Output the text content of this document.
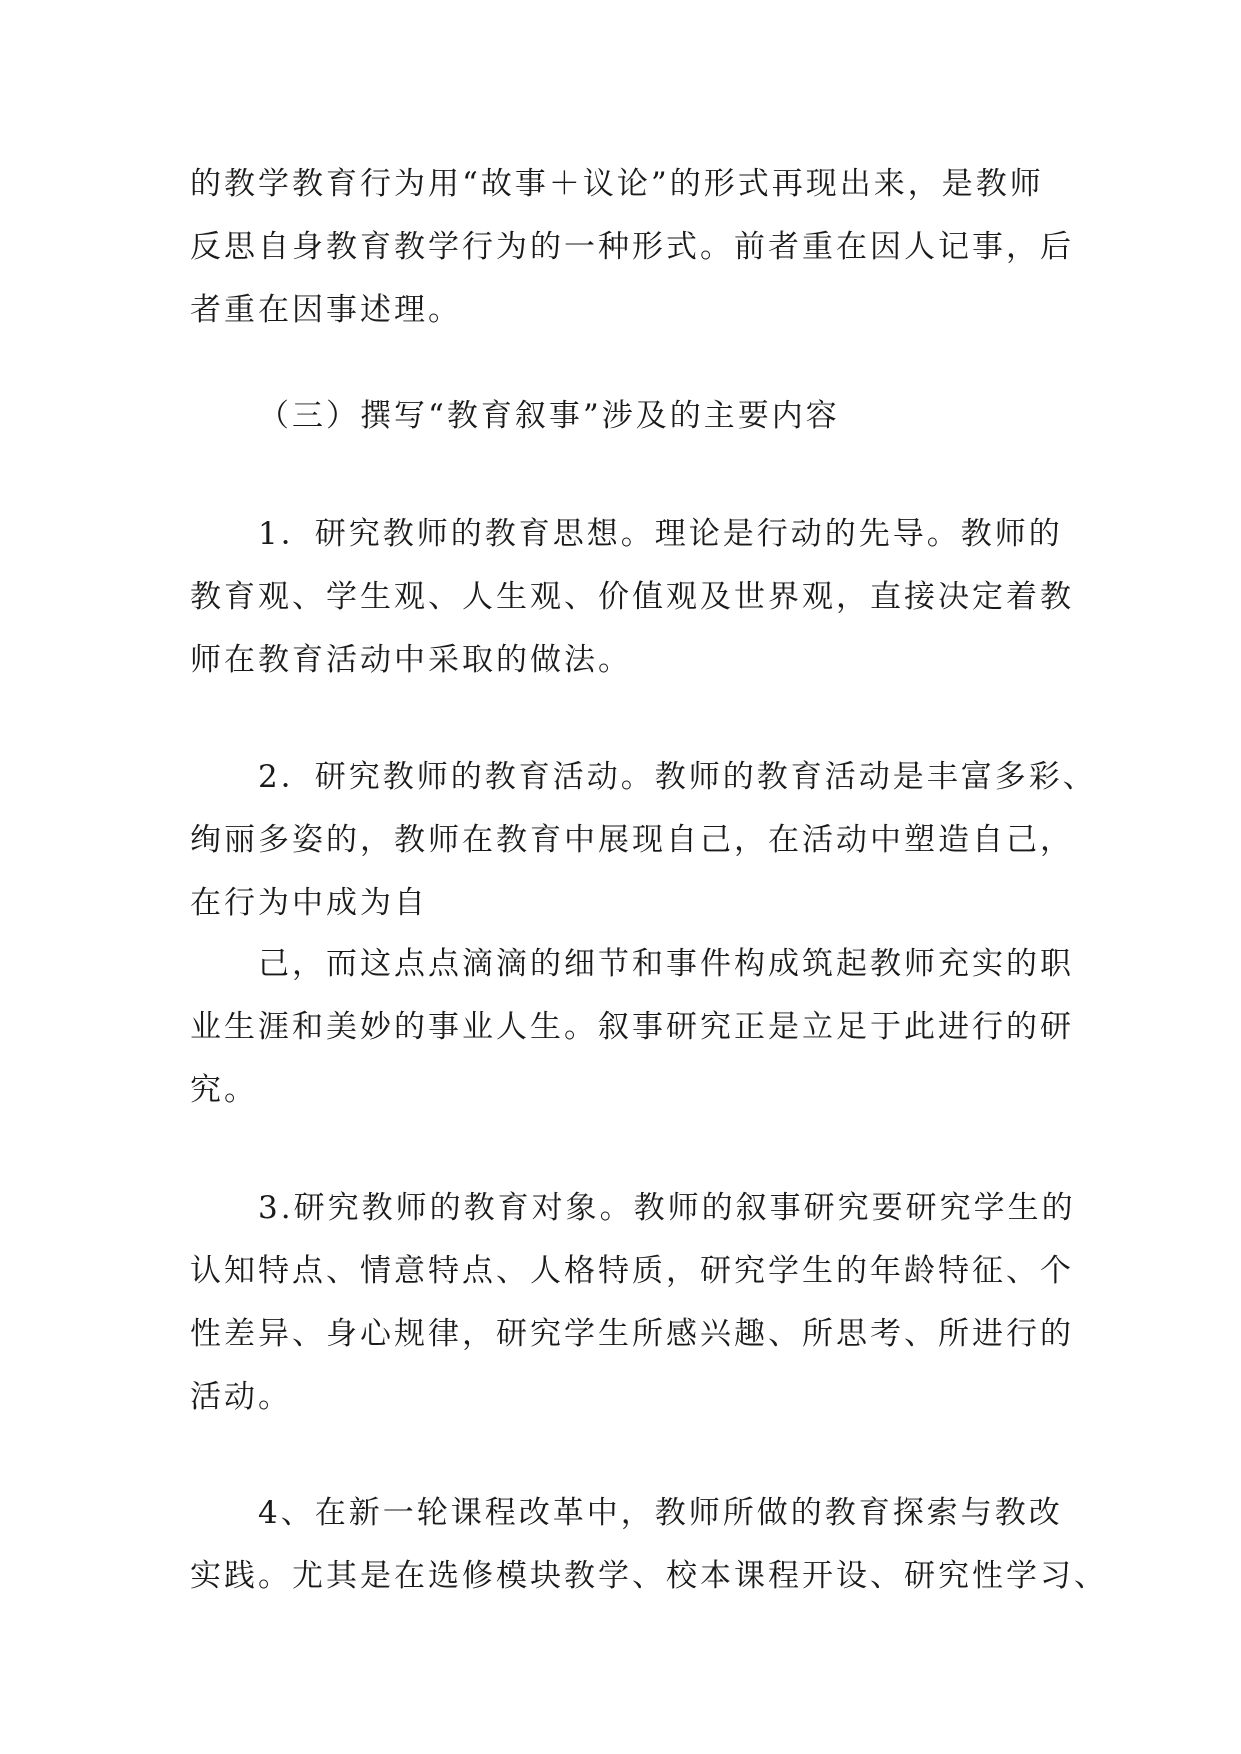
的教学教育行为用“故事＋议论”的形式再现出来，是教师

反思自身教育教学行为的一种形式。前者重在因人记事，后

者重在因事述理。

（三）撰写“教育叙事”涉及的主要内容

1．研究教师的教育思想。理论是行动的先导。教师的

教育观、学生观、人生观、价值观及世界观，直接决定着教

师在教育活动中采取的做法。

2．研究教师的教育活动。教师的教育活动是丰富多彩、

绚丽多姿的，教师在教育中展现自己，在活动中塑造自己，

在行为中成为自

己，而这点点滴滴的细节和事件构成筑起教师充实的职

业生涯和美妙的事业人生。叙事研究正是立足于此进行的研

究。

3.研究教师的教育对象。教师的叙事研究要研究学生的

认知特点、情意特点、人格特质，研究学生的年龄特征、个

性差异、身心规律，研究学生所感兴趣、所思考、所进行的

活动。

4、在新一轮课程改革中，教师所做的教育探索与教改

实践。尤其是在选修模块教学、校本课程开设、研究性学习、
